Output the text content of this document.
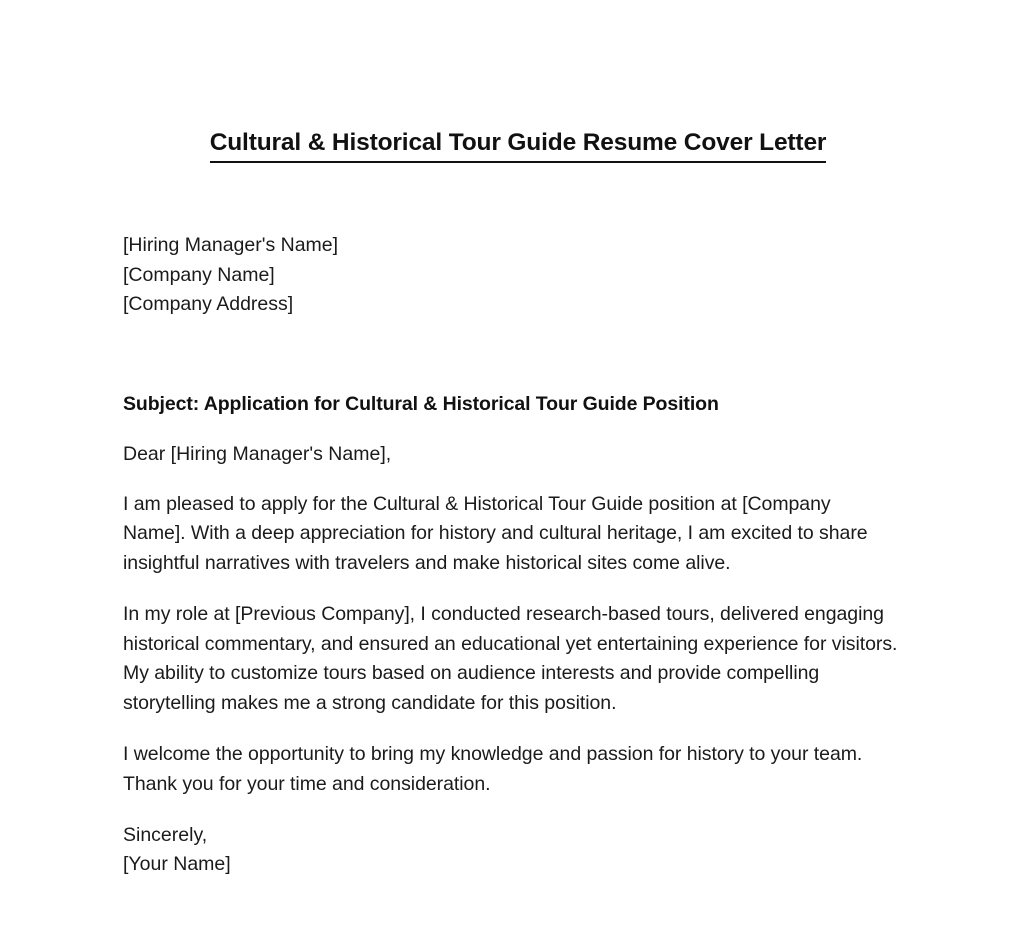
Cultural & Historical Tour Guide Resume Cover Letter
[Hiring Manager's Name]
[Company Name]
[Company Address]
Subject: Application for Cultural & Historical Tour Guide Position
Dear [Hiring Manager's Name],

I am pleased to apply for the Cultural & Historical Tour Guide position at [Company Name]. With a deep appreciation for history and cultural heritage, I am excited to share insightful narratives with travelers and make historical sites come alive.

In my role at [Previous Company], I conducted research-based tours, delivered engaging historical commentary, and ensured an educational yet entertaining experience for visitors. My ability to customize tours based on audience interests and provide compelling storytelling makes me a strong candidate for this position.

I welcome the opportunity to bring my knowledge and passion for history to your team. Thank you for your time and consideration.

Sincerely,
[Your Name]
